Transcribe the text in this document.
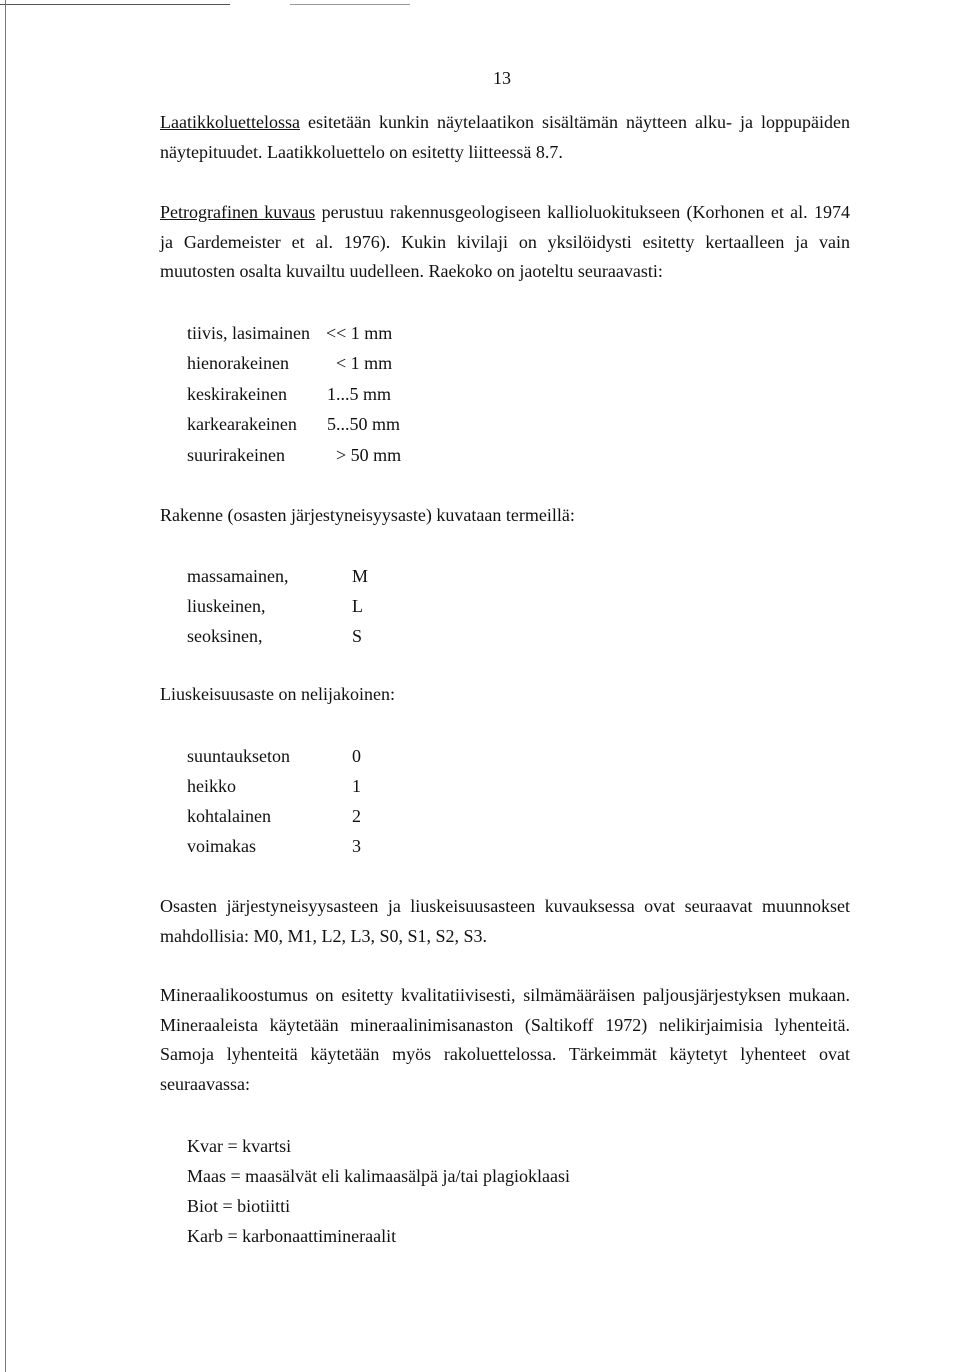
13
Laatikkoluettelossa esitetään kunkin näytelaatikon sisältämän näytteen alku- ja loppupäiden näytepituudet. Laatikkoluettelo on esitetty liitteessä 8.7.
Petrografinen kuvaus perustuu rakennusgeologiseen kallioluokitukseen (Korhonen et al. 1974 ja Gardemeister et al. 1976). Kukin kivilaji on yksilöidysti esitetty kertaalleen ja vain muutosten osalta kuvailtu uudelleen. Raekoko on jaoteltu seuraavasti:
tiivis, lasimainen << 1 mm
hienorakeinen	< 1 mm
keskirakeinen 1...5 mm
karkearakeinen 5...50 mm
suurirakeinen	> 50 mm
Rakenne (osasten järjestyneisyysaste) kuvataan termeillä:
massamainen,	M
liuskeinen,	L
seoksinen,	S
Liuskeisuusaste on nelijakoinen:
suuntaukseton	0
heikko	1
kohtalainen	2
voimakas	3
Osasten järjestyneisyysasteen ja liuskeisuusasteen kuvauksessa ovat seuraavat muunnokset mahdollisia: M0, M1, L2, L3, S0, S1, S2, S3.
Mineraalikoostumus on esitetty kvalitatiivisesti, silmämääräisen paljousjärjestyksen mukaan. Mineraaleista käytetään mineraalinimisanaston (Saltikoff 1972) nelikirjaimisia lyhenteitä. Samoja lyhenteitä käytetään myös rakoluettelossa. Tärkeimmät käytetyt lyhenteet ovat seuraavassa:
Kvar = kvartsi
Maas = maasälvät eli kalimaasälpä ja/tai plagioklaasi
Biot = biotiitti
Karb = karbonaattimineraalit
